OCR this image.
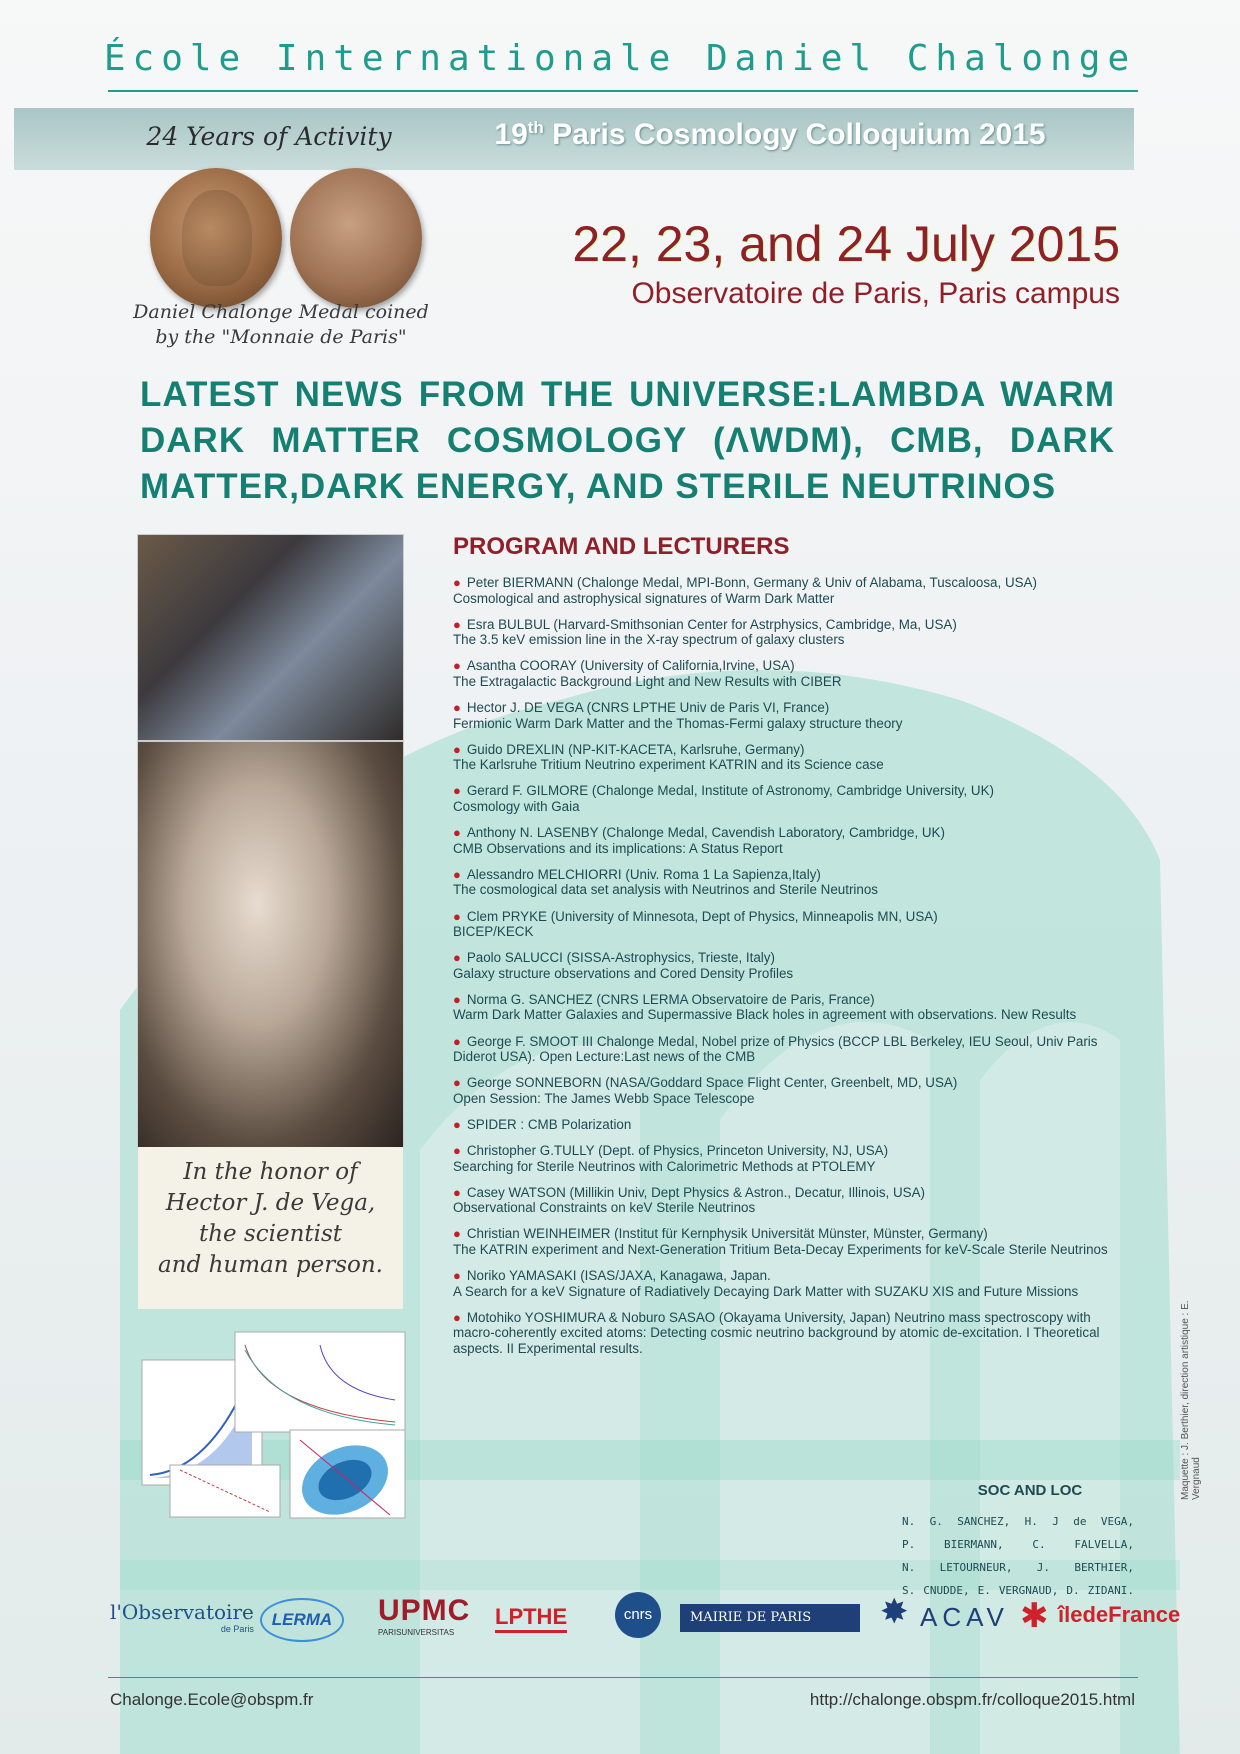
École Internationale Daniel Chalonge
24 Years of Activity	19th Paris Cosmology Colloquium 2015
Daniel Chalonge Medal coined
by the "Monnaie de Paris"
22, 23, and 24 July 2015
Observatoire de Paris, Paris campus
LATEST NEWS FROM THE UNIVERSE:LAMBDA WARM DARK MATTER COSMOLOGY (ΛWDM), CMB, DARK MATTER,DARK ENERGY, AND STERILE NEUTRINOS
In the honor of
Hector J. de Vega,
the scientist
and human person.
PROGRAM AND LECTURERS
● Peter BIERMANN (Chalonge Medal, MPI-Bonn, Germany & Univ of Alabama, Tuscaloosa, USA)
Cosmological and astrophysical signatures of Warm Dark Matter
● Esra BULBUL (Harvard-Smithsonian Center for Astrphysics, Cambridge, Ma, USA)
The 3.5 keV emission line in the X-ray spectrum of galaxy clusters
● Asantha COORAY (University of California,Irvine, USA)
The Extragalactic Background Light and New Results with CIBER
● Hector J. DE VEGA (CNRS LPTHE Univ de Paris VI, France)
Fermionic Warm Dark Matter and the Thomas-Fermi galaxy structure theory
● Guido DREXLIN (NP-KIT-KACETA, Karlsruhe, Germany)
The Karlsruhe Tritium Neutrino experiment KATRIN and its Science case
● Gerard F. GILMORE (Chalonge Medal, Institute of Astronomy, Cambridge University, UK)
Cosmology with Gaia
● Anthony N. LASENBY (Chalonge Medal, Cavendish Laboratory, Cambridge, UK)
CMB Observations and its implications: A Status Report
● Alessandro MELCHIORRI (Univ. Roma 1 La Sapienza,Italy)
The cosmological data set analysis with Neutrinos and Sterile Neutrinos
● Clem PRYKE (University of Minnesota, Dept of Physics, Minneapolis MN, USA)
BICEP/KECK
● Paolo SALUCCI (SISSA-Astrophysics, Trieste, Italy)
Galaxy structure observations and Cored Density Profiles
● Norma G. SANCHEZ (CNRS LERMA Observatoire de Paris, France)
Warm Dark Matter Galaxies and Supermassive Black holes in agreement with observations. New Results
● George F. SMOOT III Chalonge Medal, Nobel prize of Physics (BCCP LBL Berkeley, IEU Seoul, Univ Paris Diderot USA). Open Lecture:Last news of the CMB
● George SONNEBORN (NASA/Goddard Space Flight Center, Greenbelt, MD, USA)
Open Session: The James Webb Space Telescope
● SPIDER : CMB Polarization
● Christopher G.TULLY (Dept. of Physics, Princeton University, NJ, USA)
Searching for Sterile Neutrinos with Calorimetric Methods at PTOLEMY
● Casey WATSON (Millikin Univ, Dept Physics & Astron., Decatur, Illinois, USA)
Observational Constraints on keV Sterile Neutrinos
● Christian WEINHEIMER (Institut für Kernphysik Universität Münster, Münster, Germany)
The KATRIN experiment and Next-Generation Tritium Beta-Decay Experiments for keV-Scale Sterile Neutrinos
● Noriko YAMASAKI (ISAS/JAXA, Kanagawa, Japan.
A Search for a keV Signature of Radiatively Decaying Dark Matter with SUZAKU XIS and Future Missions
● Motohiko YOSHIMURA & Noburo SASAO (Okayama University, Japan) Neutrino mass spectroscopy with macro-coherently excited atoms: Detecting cosmic neutrino background by atomic de-excitation. I Theoretical aspects. II Experimental results.
SOC AND LOC
N. G. SANCHEZ, H. J de VEGA,
P. BIERMANN, C. FALVELLA,
N. LETOURNEUR, J. BERTHIER,
S. CNUDDE, E. VERGNAUD, D. ZIDANI.
Maquette : J. Berthier, direction artistique : E. Vergnaud
l'Observatoire
de Paris	LERMA	UPMC
PARISUNIVERSITAS
LPTHE	cnrs	MAIRIE DE PARIS	✸ ACAV ✱ îledeFrance
Chalonge.Ecole@obspm.fr	http://chalonge.obspm.fr/colloque2015.html
